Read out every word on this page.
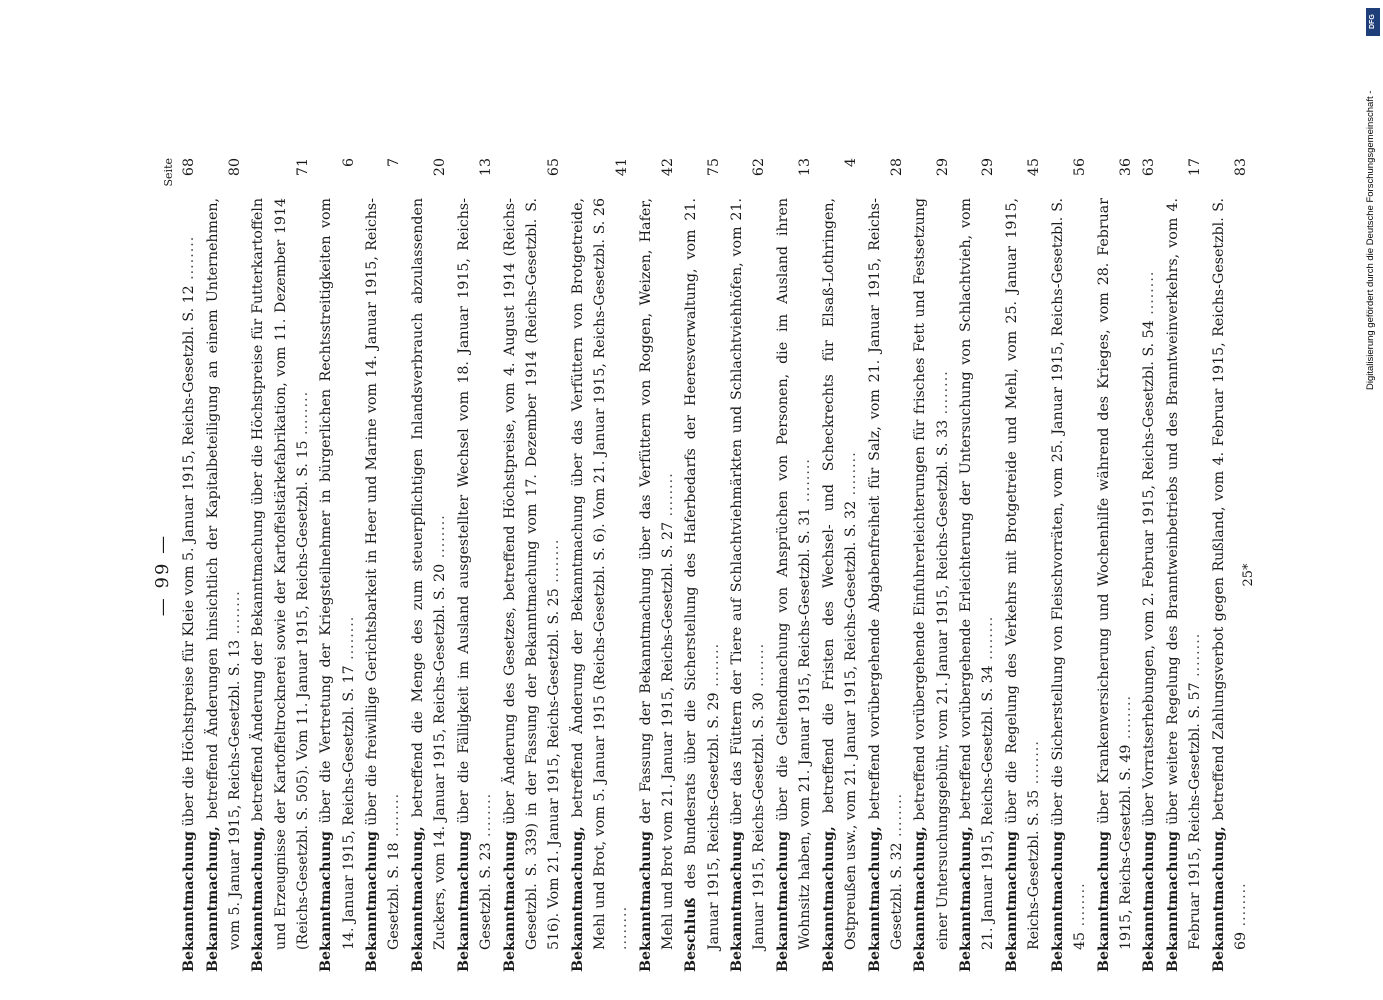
— 99 —
Seite
Bekanntmachung über die Höchstpreise für Kleie vom 5. Januar 1915, Reichs-Gesetzbl. S. 12 ........
68
Bekanntmachung, betreffend Änderungen hinsichtlich der Kapitalbeteiligung an einem Unternehmen, vom 5. Januar 1915, Reichs-Gesetzbl. S. 13 ........
80
Bekanntmachung, betreffend Änderung der Bekanntmachung über die Höchstpreise für Futterkartoffeln und Erzeugnisse der Kartoffeltrocknerei sowie der Kartoffelstärkefabrikation, vom 11. Dezember 1914 (Reichs-Gesetzbl. S. 505). Vom 11. Januar 1915, Reichs-Gesetzbl. S. 15 ........
71
Bekanntmachung über die Vertretung der Kriegsteilnehmer in bürgerlichen Rechtsstreitigkeiten vom 14. Januar 1915, Reichs-Gesetzbl. S. 17 ........
6
Bekanntmachung über die freiwillige Gerichtsbarkeit in Heer und Marine vom 14. Januar 1915, Reichs-Gesetzbl. S. 18 ........
7
Bekanntmachung, betreffend die Menge des zum steuerpflichtigen Inlandsverbrauch abzulassenden Zuckers, vom 14. Januar 1915, Reichs-Gesetzbl. S. 20 ........
20
Bekanntmachung über die Fälligkeit im Ausland ausgestellter Wechsel vom 18. Januar 1915, Reichs-Gesetzbl. S. 23 ........
13
Bekanntmachung über Änderung des Gesetzes, betreffend Höchstpreise, vom 4. August 1914 (Reichs-Gesetzbl. S. 339) in der Fassung der Bekanntmachung vom 17. Dezember 1914 (Reichs-Gesetzbl. S. 516). Vom 21. Januar 1915, Reichs-Gesetzbl. S. 25 ........
65
Bekanntmachung, betreffend Änderung der Bekanntmachung über das Verfüttern von Brotgetreide, Mehl und Brot, vom 5. Januar 1915 (Reichs-Gesetzbl. S. 6). Vom 21. Januar 1915, Reichs-Gesetzbl. S. 26 ........
41
Bekanntmachung der Fassung der Bekanntmachung über das Verfüttern von Roggen, Weizen, Hafer, Mehl und Brot vom 21. Januar 1915, Reichs-Gesetzbl. S. 27 ........
42
Beschluß des Bundesrats über die Sicherstellung des Haferbedarfs der Heeresverwaltung, vom 21. Januar 1915, Reichs-Gesetzbl. S. 29 ........
75
Bekanntmachung über das Füttern der Tiere auf Schlachtviehmärkten und Schlachtviehhöfen, vom 21. Januar 1915, Reichs-Gesetzbl. S. 30 ........
62
Bekanntmachung über die Geltendmachung von Ansprüchen von Personen, die im Ausland ihren Wohnsitz haben, vom 21. Januar 1915, Reichs-Gesetzbl. S. 31 ........
13
Bekanntmachung, betreffend die Fristen des Wechsel- und Scheckrechts für Elsaß-Lothringen, Ostpreußen usw., vom 21. Januar 1915, Reichs-Gesetzbl. S. 32 ........
4
Bekanntmachung, betreffend vorübergehende Abgabenfreiheit für Salz, vom 21. Januar 1915, Reichs-Gesetzbl. S. 32 ........
28
Bekanntmachung, betreffend vorübergehende Einfuhrerleichterungen für frisches Fett und Festsetzung einer Untersuchungsgebühr, vom 21. Januar 1915, Reichs-Gesetzbl. S. 33 ........
29
Bekanntmachung, betreffend vorübergehende Erleichterung der Untersuchung von Schlachtvieh, vom 21. Januar 1915, Reichs-Gesetzbl. S. 34 ........
29
Bekanntmachung über die Regelung des Verkehrs mit Brotgetreide und Mehl, vom 25. Januar 1915, Reichs-Gesetzbl. S. 35 ........
45
Bekanntmachung über die Sicherstellung von Fleischvorräten, vom 25. Januar 1915, Reichs-Gesetzbl. S. 45 ........
56
Bekanntmachung über Krankenversicherung und Wochenhilfe während des Krieges, vom 28. Februar 1915, Reichs-Gesetzbl. S. 49 ........
36
Bekanntmachung über Vorratserhebungen, vom 2. Februar 1915, Reichs-Gesetzbl. S. 54 ........
63
Bekanntmachung über weitere Regelung des Branntweinbetriebs und des Branntweinverkehrs, vom 4. Februar 1915, Reichs-Gesetzbl. S. 57 ........
17
Bekanntmachung, betreffend Zahlungsverbot gegen Rußland, vom 4. Februar 1915, Reichs-Gesetzbl. S. 69 ........
83
25*
Digitalisierung gefördert durch die Deutsche Forschungsgemeinschaft -
DFG
